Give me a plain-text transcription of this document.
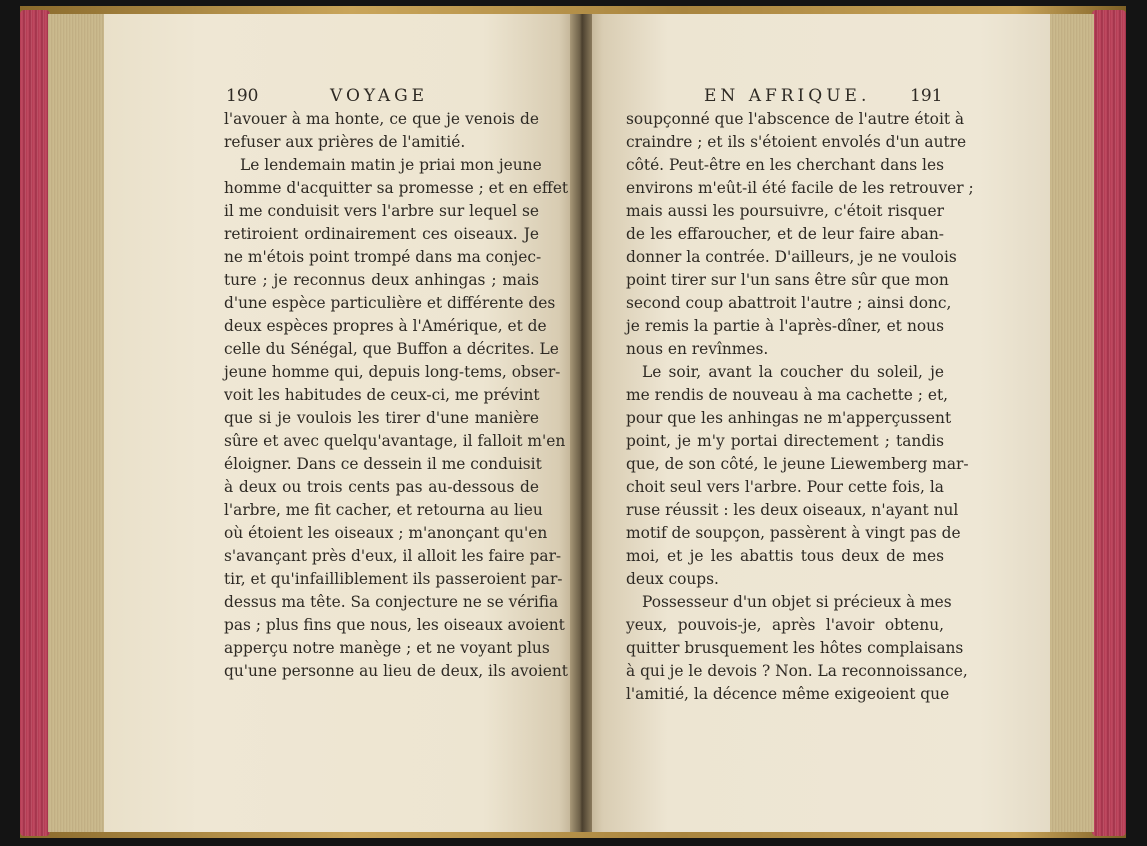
190	VOYAGE	EN AFRIQUE. 191
l'avouer à ma honte, ce que je venois de
refuser aux prières de l'amitié.
Le lendemain matin je priai mon jeune
homme d'acquitter sa promesse ; et en effet
il me conduisit vers l'arbre sur lequel se
retiroient ordinairement ces oiseaux. Je
ne m'étois point trompé dans ma conjec-
ture ; je reconnus deux anhingas ; mais
d'une espèce particulière et différente des
deux espèces propres à l'Amérique, et de
celle du Sénégal, que Buffon a décrites. Le
jeune homme qui, depuis long-tems, obser-
voit les habitudes de ceux-ci, me prévint
que si je voulois les tirer d'une manière
sûre et avec quelqu'avantage, il falloit m'en
éloigner. Dans ce dessein il me conduisit
à deux ou trois cents pas au-dessous de
l'arbre, me fit cacher, et retourna au lieu
où étoient les oiseaux ; m'anonçant qu'en
s'avançant près d'eux, il alloit les faire par-
tir, et qu'infailliblement ils passeroient par-
dessus ma tête. Sa conjecture ne se vérifia
pas ; plus fins que nous, les oiseaux avoient
apperçu notre manège ; et ne voyant plus
qu'une personne au lieu de deux, ils avoient
soupçonné que l'abscence de l'autre étoit à
craindre ; et ils s'étoient envolés d'un autre
côté. Peut-être en les cherchant dans les
environs m'eût-il été facile de les retrouver ;
mais aussi les poursuivre, c'étoit risquer
de les effaroucher, et de leur faire aban-
donner la contrée. D'ailleurs, je ne voulois
point tirer sur l'un sans être sûr que mon
second coup abattroit l'autre ; ainsi donc,
je remis la partie à l'après-dîner, et nous
nous en revînmes.
Le soir, avant la coucher du soleil, je
me rendis de nouveau à ma cachette ; et,
pour que les anhingas ne m'apperçussent
point, je m'y portai directement ; tandis
que, de son côté, le jeune Liewemberg mar-
choit seul vers l'arbre. Pour cette fois, la
ruse réussit : les deux oiseaux, n'ayant nul
motif de soupçon, passèrent à vingt pas de
moi, et je les abattis tous deux de mes
deux coups.
Possesseur d'un objet si précieux à mes
yeux, pouvois-je, après l'avoir obtenu,
quitter brusquement les hôtes complaisans
à qui je le devois ? Non. La reconnoissance,
l'amitié, la décence même exigeoient que
